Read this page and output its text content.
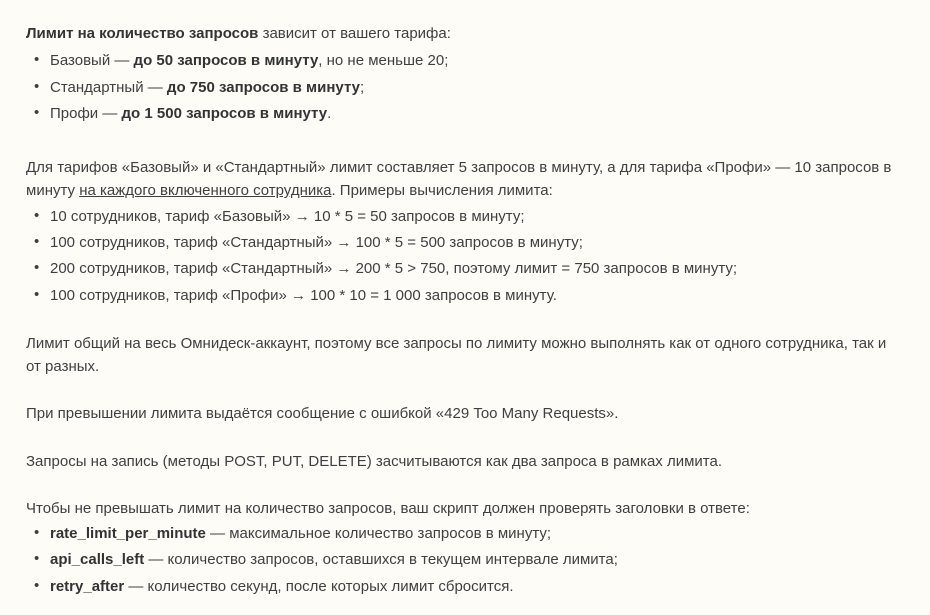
Лимит на количество запросов зависит от вашего тарифа:

• Базовый — до 50 запросов в минуту, но не меньше 20;
• Стандартный — до 750 запросов в минуту;
• Профи — до 1 500 запросов в минуту.

Для тарифов «Базовый» и «Стандартный» лимит составляет 5 запросов в минуту, а для тарифа «Профи» — 10 запросов в минуту на каждого включенного сотрудника. Примеры вычисления лимита:

• 10 сотрудников, тариф «Базовый» → 10 * 5 = 50 запросов в минуту;
• 100 сотрудников, тариф «Стандартный» → 100 * 5 = 500 запросов в минуту;
• 200 сотрудников, тариф «Стандартный» → 200 * 5 > 750, поэтому лимит = 750 запросов в минуту;
• 100 сотрудников, тариф «Профи» → 100 * 10 = 1 000 запросов в минуту.

Лимит общий на весь Омнидеск-аккаунт, поэтому все запросы по лимиту можно выполнять как от одного сотрудника, так и от разных.

При превышении лимита выдаётся сообщение с ошибкой «429 Too Many Requests».

Запросы на запись (методы POST, PUT, DELETE) засчитываются как два запроса в рамках лимита.

Чтобы не превышать лимит на количество запросов, ваш скрипт должен проверять заголовки в ответе:

• rate_limit_per_minute — максимальное количество запросов в минуту;
• api_calls_left — количество запросов, оставшихся в текущем интервале лимита;
• retry_after — количество секунд, после которых лимит сбросится.
